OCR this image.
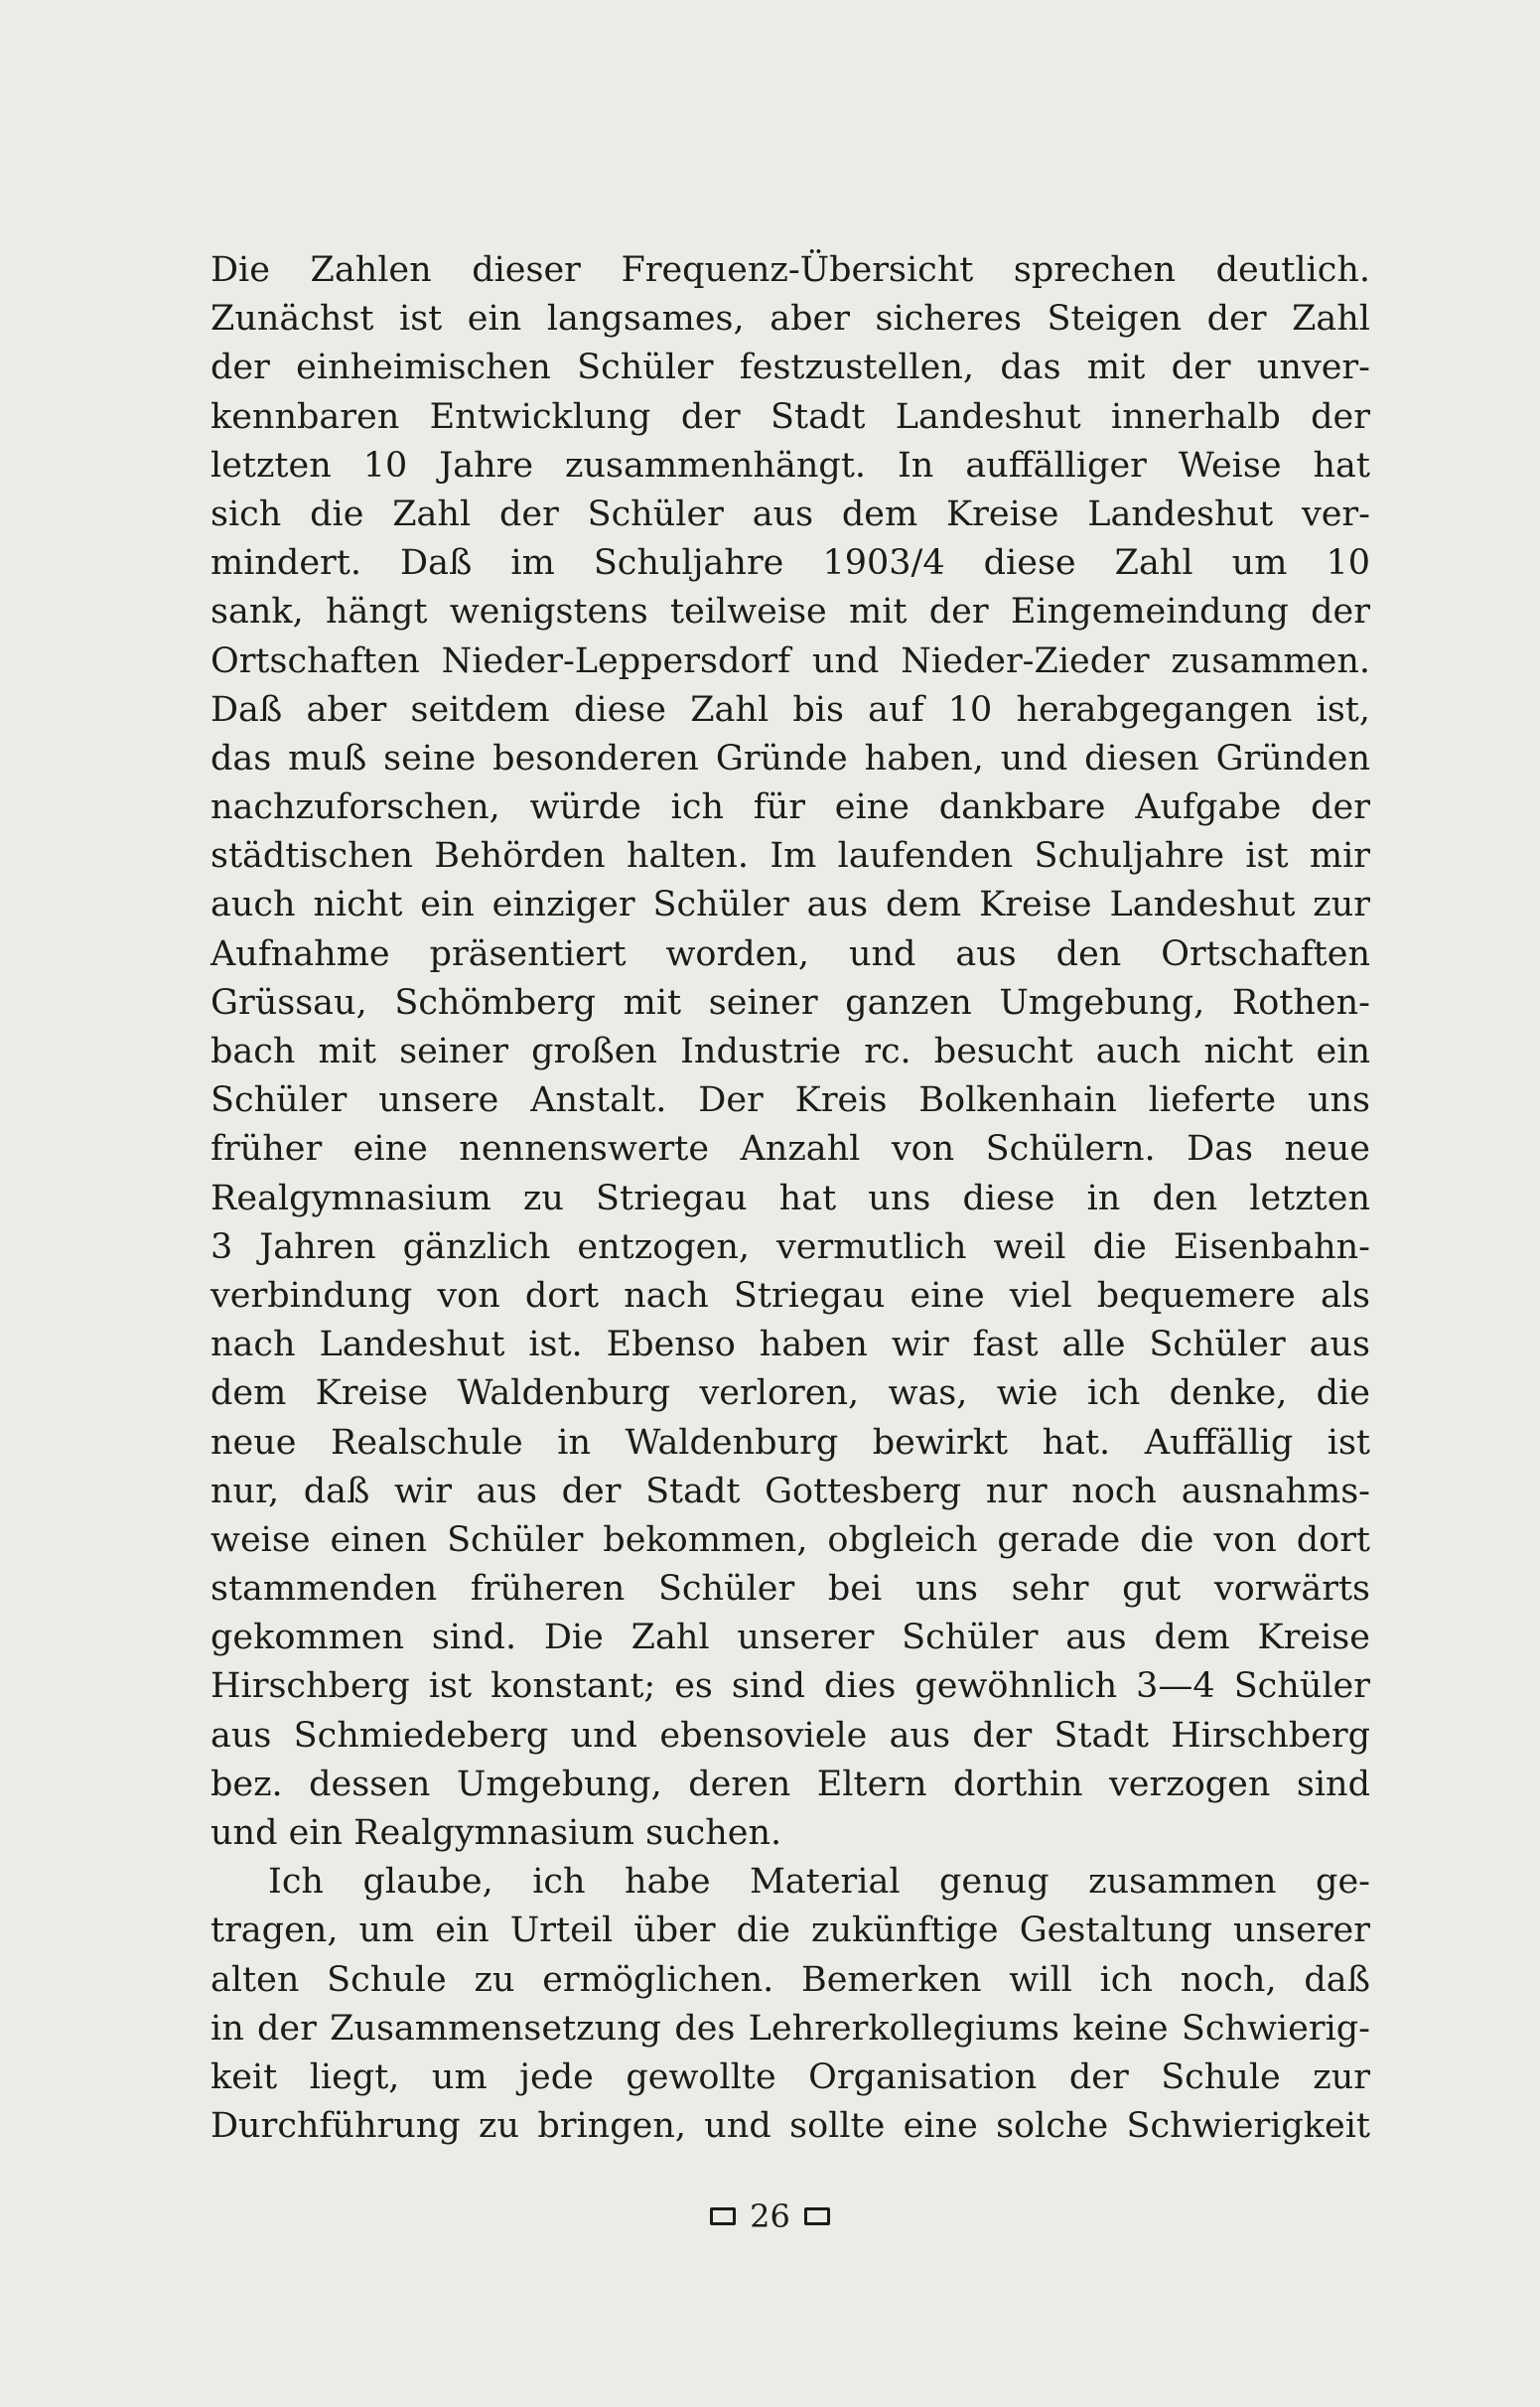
Die Zahlen dieser Frequenz-Übersicht sprechen deutlich.
Zunächst ist ein langsames, aber sicheres Steigen der Zahl
der einheimischen Schüler festzustellen, das mit der unver-
kennbaren Entwicklung der Stadt Landeshut innerhalb der
letzten 10 Jahre zusammenhängt. In auffälliger Weise hat
sich die Zahl der Schüler aus dem Kreise Landeshut ver-
mindert. Daß im Schuljahre 1903/4 diese Zahl um 10
sank, hängt wenigstens teilweise mit der Eingemeindung der
Ortschaften Nieder-Leppersdorf und Nieder-Zieder zusammen.
Daß aber seitdem diese Zahl bis auf 10 herabgegangen ist,
das muß seine besonderen Gründe haben, und diesen Gründen
nachzuforschen, würde ich für eine dankbare Aufgabe der
städtischen Behörden halten. Im laufenden Schuljahre ist mir
auch nicht ein einziger Schüler aus dem Kreise Landeshut zur
Aufnahme präsentiert worden, und aus den Ortschaften
Grüssau, Schömberg mit seiner ganzen Umgebung, Rothen-
bach mit seiner großen Industrie rc. besucht auch nicht ein
Schüler unsere Anstalt. Der Kreis Bolkenhain lieferte uns
früher eine nennenswerte Anzahl von Schülern. Das neue
Realgymnasium zu Striegau hat uns diese in den letzten
3 Jahren gänzlich entzogen, vermutlich weil die Eisenbahn-
verbindung von dort nach Striegau eine viel bequemere als
nach Landeshut ist. Ebenso haben wir fast alle Schüler aus
dem Kreise Waldenburg verloren, was, wie ich denke, die
neue Realschule in Waldenburg bewirkt hat. Auffällig ist
nur, daß wir aus der Stadt Gottesberg nur noch ausnahms-
weise einen Schüler bekommen, obgleich gerade die von dort
stammenden früheren Schüler bei uns sehr gut vorwärts
gekommen sind. Die Zahl unserer Schüler aus dem Kreise
Hirschberg ist konstant; es sind dies gewöhnlich 3—4 Schüler
aus Schmiedeberg und ebensoviele aus der Stadt Hirschberg
bez. dessen Umgebung, deren Eltern dorthin verzogen sind
und ein Realgymnasium suchen.
Ich glaube, ich habe Material genug zusammen ge-
tragen, um ein Urteil über die zukünftige Gestaltung unserer
alten Schule zu ermöglichen. Bemerken will ich noch, daß
in der Zusammensetzung des Lehrerkollegiums keine Schwierig-
keit liegt, um jede gewollte Organisation der Schule zur
Durchführung zu bringen, und sollte eine solche Schwierigkeit
26
